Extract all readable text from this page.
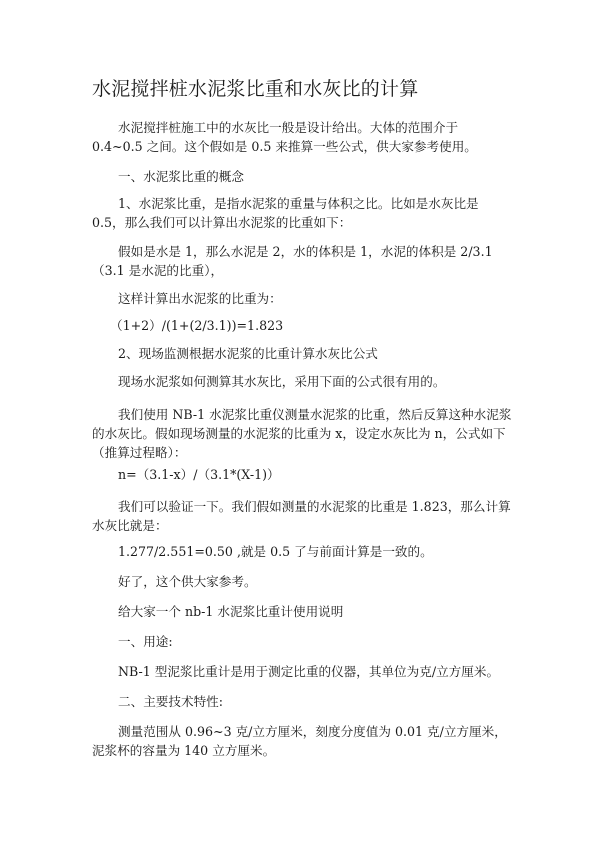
水泥搅拌桩水泥浆比重和水灰比的计算

水泥搅拌桩施工中的水灰比一般是设计给出。大体的范围介于 0.4~0.5 之间。这个假如是 0.5 来推算一些公式，供大家参考使用。

一、水泥浆比重的概念

1、水泥浆比重，是指水泥浆的重量与体积之比。比如是水灰比是 0.5，那么我们可以计算出水泥浆的比重如下：

假如是水是 1，那么水泥是 2，水的体积是 1，水泥的体积是 2/3.1（3.1 是水泥的比重），

这样计算出水泥浆的比重为：

（1+2）/(1+(2/3.1))=1.823

2、现场监测根据水泥浆的比重计算水灰比公式

现场水泥浆如何测算其水灰比，采用下面的公式很有用的。

我们使用 NB-1 水泥浆比重仪测量水泥浆的比重，然后反算这种水泥浆的水灰比。假如现场测量的水泥浆的比重为 x，设定水灰比为 n，公式如下（推算过程略）：

n=（3.1-x）/（3.1*(X-1)）

我们可以验证一下。我们假如测量的水泥浆的比重是 1.823，那么计算水灰比就是：

1.277/2.551=0.50 ,就是 0.5 了与前面计算是一致的。

好了，这个供大家参考。

给大家一个 nb-1 水泥浆比重计使用说明

一、用途:

NB-1 型泥浆比重计是用于测定比重的仪器，其单位为克/立方厘米。

二、主要技术特性:

测量范围从 0.96~3 克/立方厘米，刻度分度值为 0.01 克/立方厘米，泥浆杯的容量为 140 立方厘米。
